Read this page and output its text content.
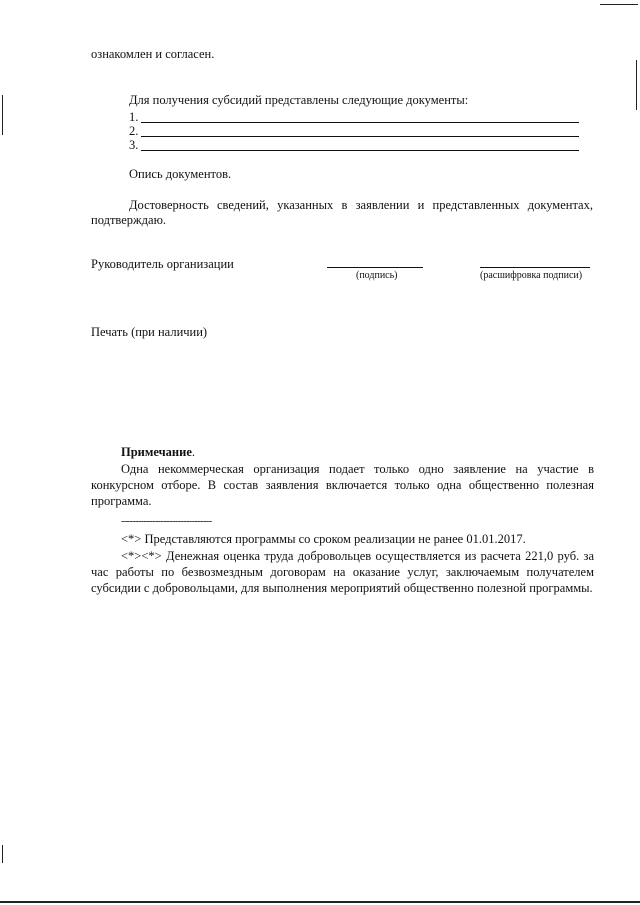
ознакомлен и согласен.
Для получения субсидий представлены следующие документы:
1.
2.
3.
Опись документов.
Достоверность сведений, указанных в заявлении и представленных документах,
подтверждаю.
Руководитель организации
(подпись)	(расшифровка подписи)
Печать (при наличии)
Примечание.
Одна некоммерческая организация подает только одно заявление на участие в конкурсном отборе. В состав заявления включается только одна общественно полезная программа.
--------------------------------
<*> Представляются программы со сроком реализации не ранее 01.01.2017.
<*><*> Денежная оценка труда добровольцев осуществляется из расчета 221,0 руб. за час работы по безвозмездным договорам на оказание услуг, заключаемым получателем субсидии с добровольцами, для выполнения мероприятий общественно полезной программы.
